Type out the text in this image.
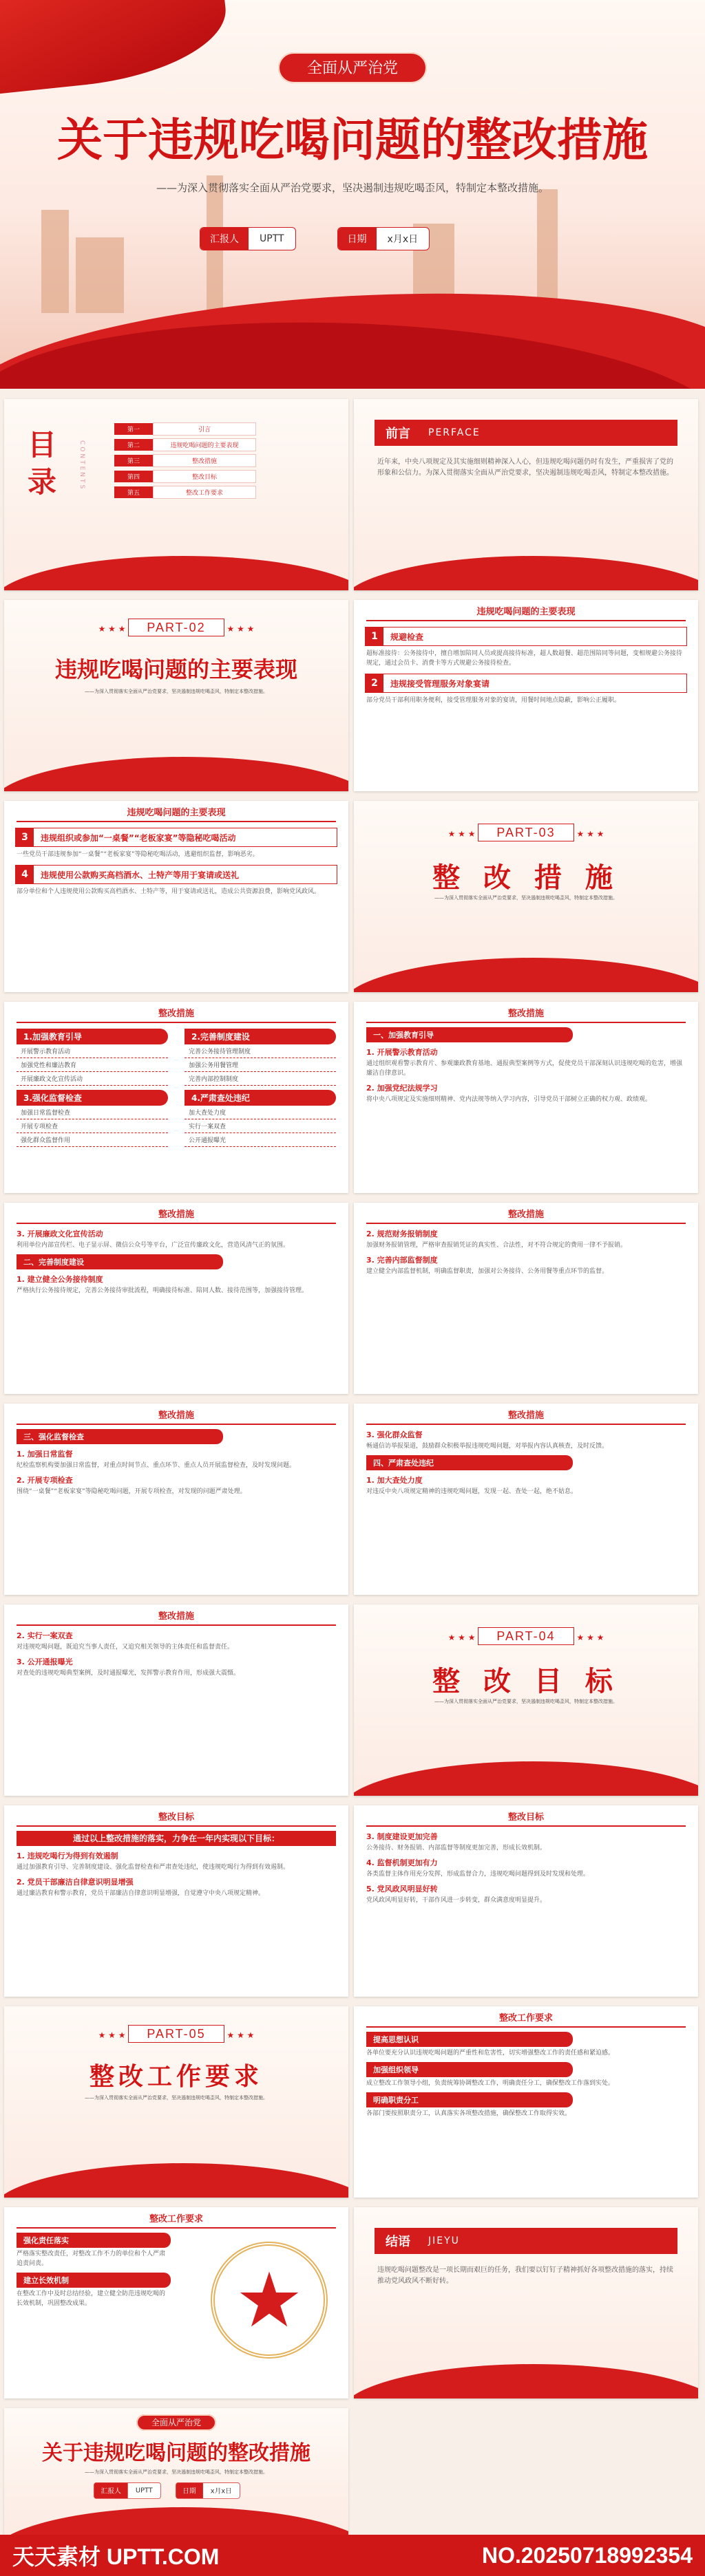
全面从严治党
关于违规吃喝问题的整改措施
——为深入贯彻落实全面从严治党要求，坚决遏制违规吃喝歪风，特制定本整改措施。
汇报人	UPTT	日期	x月x日
目
录	CONTENTS
第一	引言
第二	违规吃喝问题的主要表现
第三	整改措施
第四	整改目标
第五	整改工作要求
前言 PERFACE
近年来，中央八项规定及其实施细则精神深入人心，但违规吃喝问题仍时有发生，严重损害了党的形象和公信力。为深入贯彻落实全面从严治党要求，坚决遏制违规吃喝歪风，特制定本整改措施。
★ ★ ★ PART-02 ★ ★ ★
违规吃喝问题的主要表现
——为深入贯彻落实全面从严治党要求，坚决遏制违规吃喝歪风，特制定本整改措施。
违规吃喝问题的主要表现
1	规避检查
超标准接待：公务接待中，擅自增加陪同人员或提高接待标准，超人数超餐、超范围陪同等问题，变相规避公务接待规定，通过会员卡、消费卡等方式规避公务接待检查。
2	违规接受管理服务对象宴请
部分党员干部利用职务便利，接受管理服务对象的宴请，用餐时间地点隐蔽，影响公正履职。
违规吃喝问题的主要表现
3	违规组织或参加“一桌餐”“老板家宴”等隐秘吃喝活动
一些党员干部违规参加“一桌餐”“老板家宴”等隐秘吃喝活动，逃避组织监督，影响恶劣。
4	违规使用公款购买高档酒水、土特产等用于宴请或送礼
部分单位和个人违规使用公款购买高档酒水、土特产等，用于宴请或送礼，造成公共资源浪费，影响党风政风。
★ ★ ★ PART-03 ★ ★ ★
整 改 措 施
——为深入贯彻落实全面从严治党要求，坚决遏制违规吃喝歪风，特制定本整改措施。
整改措施
1.加强教育引导
开展警示教育活动
加强党性和廉洁教育
开展廉政文化宣传活动
2.完善制度建设
完善公务接待管理制度
加强公务用餐管理
完善内部控制制度
3.强化监督检查
加强日常监督检查
开展专项检查
强化群众监督作用
4.严肃查处违纪
加大查处力度
实行一案双查
公开通报曝光
整改措施
一、加强教育引导
1. 开展警示教育活动
通过组织观看警示教育片、参观廉政教育基地、通报典型案例等方式，促使党员干部深刻认识违规吃喝的危害，增强廉洁自律意识。
2. 加强党纪法规学习
将中央八项规定及实施细则精神、党内法规等纳入学习内容，引导党员干部树立正确的权力观、政绩观。
整改措施
3. 开展廉政文化宣传活动
利用单位内部宣传栏、电子显示屏、微信公众号等平台，广泛宣传廉政文化，营造风清气正的氛围。
二、完善制度建设
1. 建立健全公务接待制度
严格执行公务接待规定，完善公务接待审批流程，明确接待标准、陪同人数、接待范围等，加强接待管理。
整改措施
2. 规范财务报销制度
加强财务报销管理，严格审查报销凭证的真实性、合法性，对不符合规定的费用一律不予报销。
3. 完善内部监督制度
建立健全内部监督机制，明确监督职责，加强对公务接待、公务用餐等重点环节的监督。
整改措施
三、强化监督检查
1. 加强日常监督
纪检监察机构要加强日常监督，对重点时间节点、重点环节、重点人员开展监督检查，及时发现问题。
2. 开展专项检查
围绕“一桌餐”“老板家宴”等隐秘吃喝问题，开展专项检查，对发现的问题严肃处理。
整改措施
3. 强化群众监督
畅通信访举报渠道，鼓励群众积极举报违规吃喝问题，对举报内容认真核查，及时反馈。
四、严肃查处违纪
1. 加大查处力度
对违反中央八项规定精神的违规吃喝问题，发现一起、查处一起，绝不姑息。
整改措施
2. 实行一案双查
对违规吃喝问题，既追究当事人责任，又追究相关领导的主体责任和监督责任。
3. 公开通报曝光
对查处的违规吃喝典型案例，及时通报曝光，发挥警示教育作用，形成强大震慑。
★ ★ ★ PART-04 ★ ★ ★
整 改 目 标
——为深入贯彻落实全面从严治党要求，坚决遏制违规吃喝歪风，特制定本整改措施。
整改目标
通过以上整改措施的落实，力争在一年内实现以下目标：
1. 违规吃喝行为得到有效遏制
通过加强教育引导、完善制度建设、强化监督检查和严肃查处违纪，使违规吃喝行为得到有效遏制。
2. 党员干部廉洁自律意识明显增强
通过廉洁教育和警示教育，党员干部廉洁自律意识明显增强，自觉遵守中央八项规定精神。
整改目标
3. 制度建设更加完善
公务接待、财务报销、内部监督等制度更加完善，形成长效机制。
4. 监督机制更加有力
各类监督主体作用充分发挥，形成监督合力，违规吃喝问题得到及时发现和处理。
5. 党风政风明显好转
党风政风明显好转，干部作风进一步转变，群众满意度明显提升。
★ ★ ★ PART-05 ★ ★ ★
整改工作要求
——为深入贯彻落实全面从严治党要求，坚决遏制违规吃喝歪风，特制定本整改措施。
整改工作要求
提高思想认识
各单位要充分认识违规吃喝问题的严重性和危害性，切实增强整改工作的责任感和紧迫感。
加强组织领导
成立整改工作领导小组，负责统筹协调整改工作，明确责任分工，确保整改工作落到实处。
明确职责分工
各部门要按照职责分工，认真落实各项整改措施，确保整改工作取得实效。
整改工作要求
强化责任落实
严格落实整改责任，对整改工作不力的单位和个人严肃追责问责。
建立长效机制
在整改工作中及时总结经验，建立健全防范违规吃喝的长效机制，巩固整改成果。	★
结语 JIEYU
违规吃喝问题整改是一项长期而艰巨的任务，我们要以钉钉子精神抓好各项整改措施的落实，持续推动党风政风不断好转。
全面从严治党
关于违规吃喝问题的整改措施
——为深入贯彻落实全面从严治党要求，坚决遏制违规吃喝歪风，特制定本整改措施。
汇报人	UPTT	日期	x月x日
天天素材 UPTT.COM	NO.20250718992354
